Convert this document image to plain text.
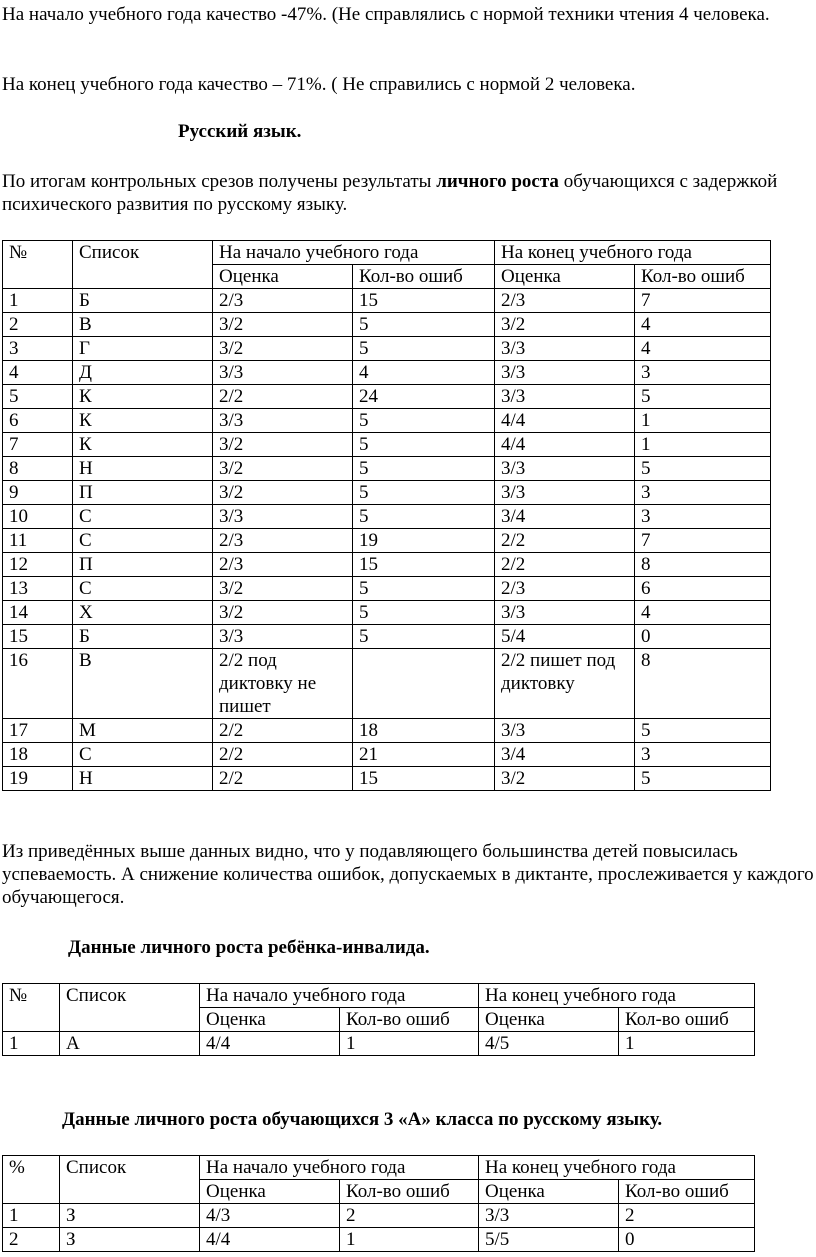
На начало учебного года качество -47%. (Не справлялись с нормой техники чтения 4 человека.

На конец учебного года качество – 71%. ( Не справились с нормой 2 человека.

Русский язык.

По итогам контрольных срезов получены результаты личного роста обучающихся с задержкой психического развития по русскому языку.

№	Список	На начало учебного года		На конец учебного года	
		Оценка	Кол-во ошиб	Оценка	Кол-во ошиб
1	Б	2/3	15	2/3	7
2	В	3/2	5	3/2	4
3	Г	3/2	5	3/3	4
4	Д	3/3	4	3/3	3
5	К	2/2	24	3/3	5
6	К	3/3	5	4/4	1
7	К	3/2	5	4/4	1
8	Н	3/2	5	3/3	5
9	П	3/2	5	3/3	3
10	С	3/3	5	3/4	3
11	С	2/3	19	2/2	7
12	П	2/3	15	2/2	8
13	С	3/2	5	2/3	6
14	Х	3/2	5	3/3	4
15	Б	3/3	5	5/4	0
16	В	2/2 под диктовку не пишет		2/2 пишет под диктовку	8
17	М	2/2	18	3/3	5
18	С	2/2	21	3/4	3
19	Н	2/2	15	3/2	5

Из приведённых выше данных видно, что у подавляющего большинства детей повысилась успеваемость. А снижение количества ошибок, допускаемых в диктанте, прослеживается у каждого обучающегося.

Данные личного роста ребёнка-инвалида.
№	Список	На начало учебного года		На конец учебного года	
		Оценка	Кол-во ошиб	Оценка	Кол-во ошиб
1	А	4/4	1	4/5	1
Данные личного роста обучающихся 3 «А» класса по русскому языку.
%	Список	На начало учебного года		На конец учебного года	
		Оценка	Кол-во ошиб	Оценка	Кол-во ошиб
1	З	4/3	2	3/3	2
2	З	4/4	1	5/5	0
